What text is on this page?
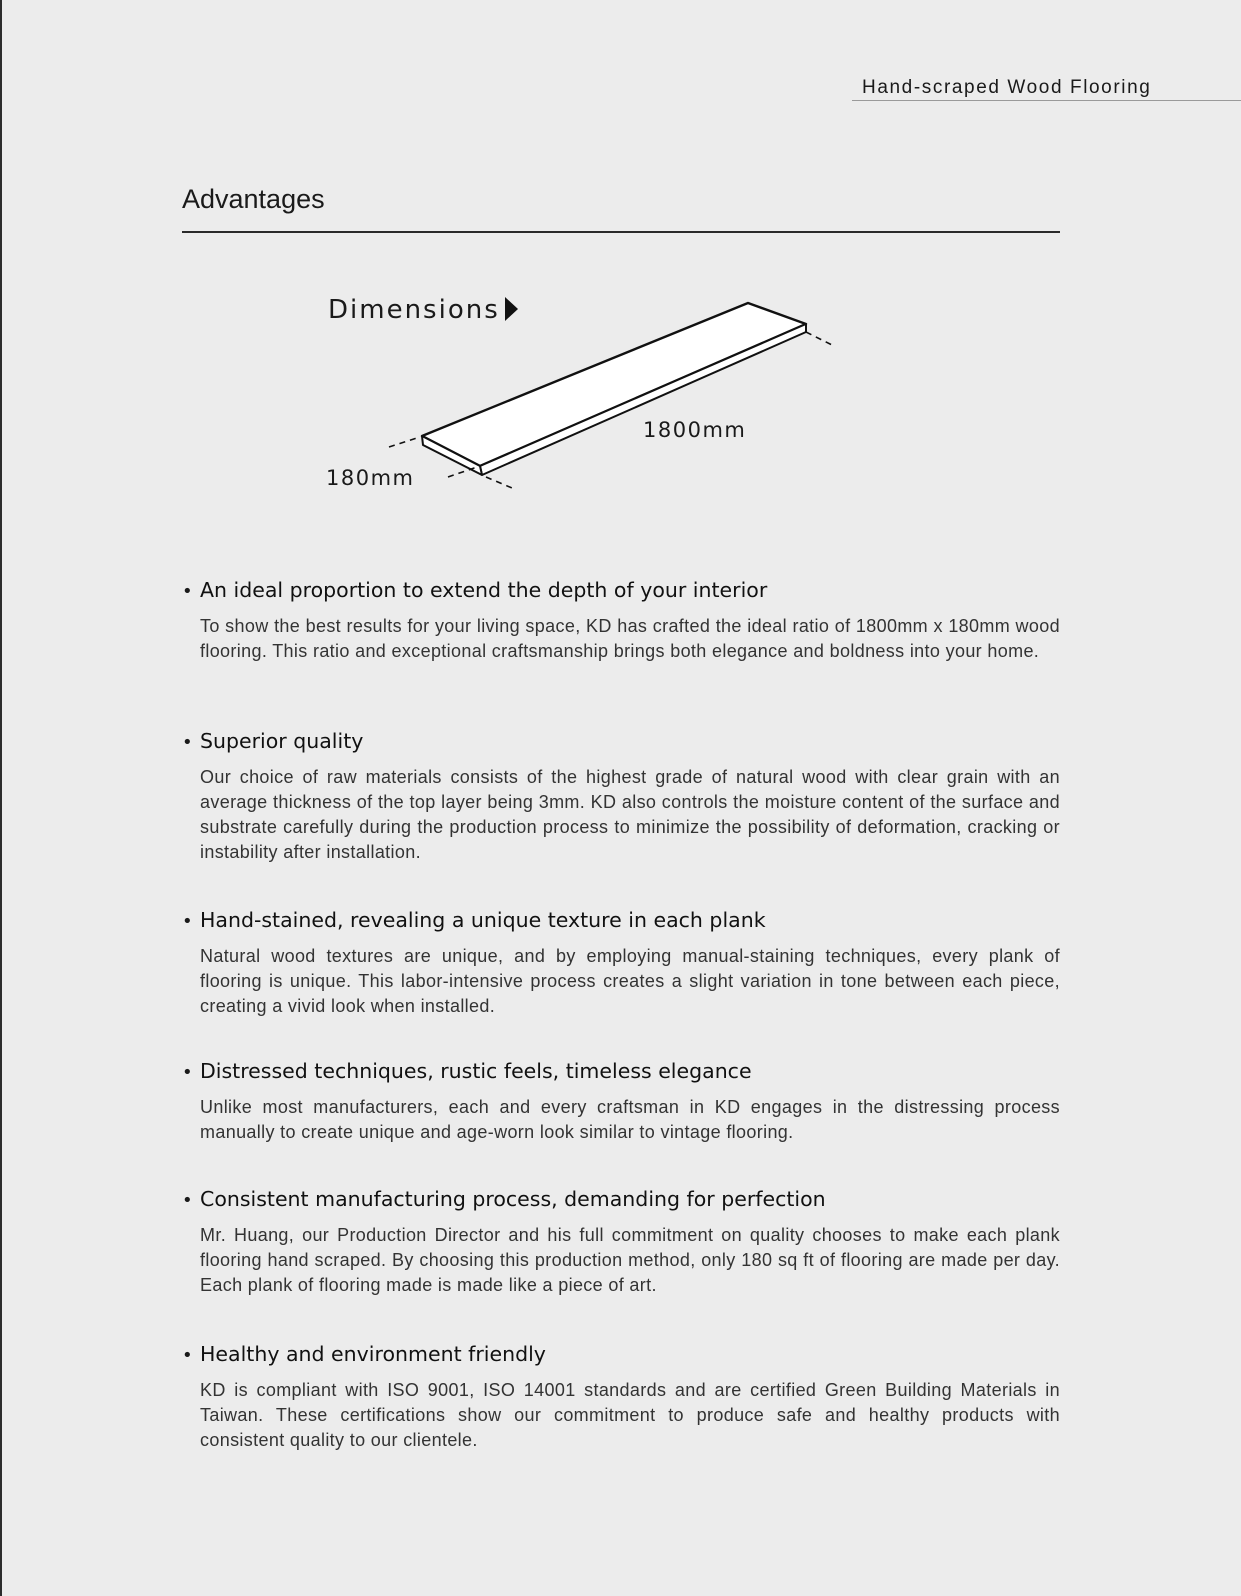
Hand-scraped Wood Flooring
Advantages
Dimensions
1800mm
180mm
• An ideal proportion to extend the depth of your interior

To show the best results for your living space, KD has crafted the ideal ratio of 1800mm x 180mm wood flooring. This ratio and exceptional craftsmanship brings both elegance and boldness into your home.

• Superior quality

Our choice of raw materials consists of the highest grade of natural wood with clear grain with an average thickness of the top layer being 3mm. KD also controls the moisture content of the surface and substrate carefully during the production process to minimize the possibility of deformation, cracking or instability after installation.

• Hand-stained, revealing a unique texture in each plank

Natural wood textures are unique, and by employing manual-staining techniques, every plank of flooring is unique. This labor-intensive process creates a slight variation in tone between each piece, creating a vivid look when installed.

• Distressed techniques, rustic feels, timeless elegance

Unlike most manufacturers, each and every craftsman in KD engages in the distressing process manually to create unique and age-worn look similar to vintage flooring.

• Consistent manufacturing process, demanding for perfection

Mr. Huang, our Production Director and his full commitment on quality chooses to make each plank flooring hand scraped. By choosing this production method, only 180 sq ft of flooring are made per day. Each plank of flooring made is made like a piece of art.

• Healthy and environment friendly

KD is compliant with ISO 9001, ISO 14001 standards and are certified Green Building Materials in Taiwan. These certifications show our commitment to produce safe and healthy products with consistent quality to our clientele.
